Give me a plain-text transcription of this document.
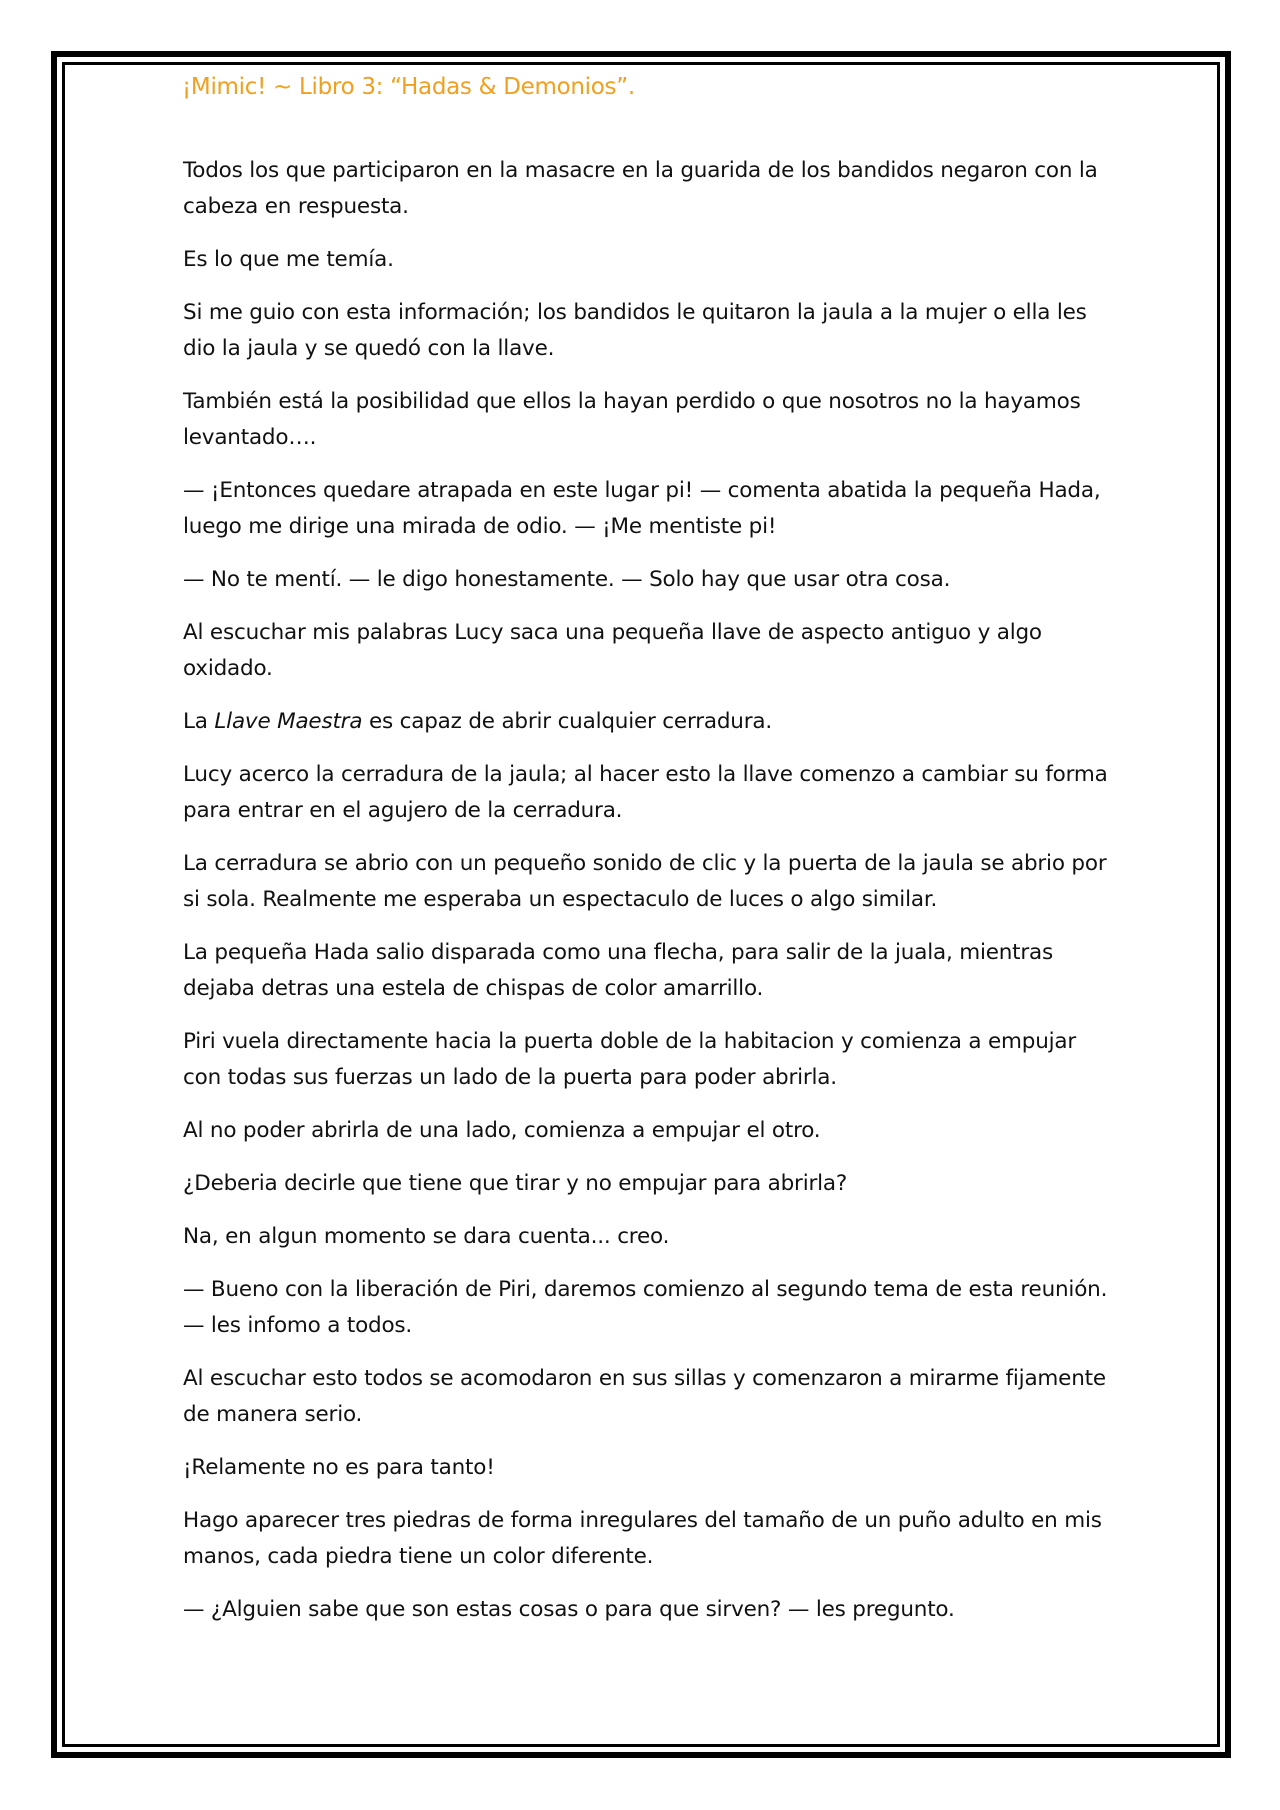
¡Mimic! ~ Libro 3: “Hadas & Demonios”.

Todos los que participaron en la masacre en la guarida de los bandidos negaron con la cabeza en respuesta.

Es lo que me temía.

Si me guio con esta información; los bandidos le quitaron la jaula a la mujer o ella les dio la jaula y se quedó con la llave.

También está la posibilidad que ellos la hayan perdido o que nosotros no la hayamos levantado….

— ¡Entonces quedare atrapada en este lugar pi! — comenta abatida la pequeña Hada, luego me dirige una mirada de odio. — ¡Me mentiste pi!

— No te mentí. — le digo honestamente. — Solo hay que usar otra cosa.

Al escuchar mis palabras Lucy saca una pequeña llave de aspecto antiguo y algo oxidado.

La Llave Maestra es capaz de abrir cualquier cerradura.

Lucy acerco la cerradura de la jaula; al hacer esto la llave comenzo a cambiar su forma para entrar en el agujero de la cerradura.

La cerradura se abrio con un pequeño sonido de clic y la puerta de la jaula se abrio por si sola. Realmente me esperaba un espectaculo de luces o algo similar.

La pequeña Hada salio disparada como una flecha, para salir de la juala, mientras dejaba detras una estela de chispas de color amarrillo.

Piri vuela directamente hacia la puerta doble de la habitacion y comienza a empujar con todas sus fuerzas un lado de la puerta para poder abrirla.

Al no poder abrirla de una lado, comienza a empujar el otro.

¿Deberia decirle que tiene que tirar y no empujar para abrirla?

Na, en algun momento se dara cuenta... creo.

— Bueno con la liberación de Piri, daremos comienzo al segundo tema de esta reunión. — les infomo a todos.

Al escuchar esto todos se acomodaron en sus sillas y comenzaron a mirarme fijamente de manera serio.

¡Relamente no es para tanto!

Hago aparecer tres piedras de forma inregulares del tamaño de un puño adulto en mis manos, cada piedra tiene un color diferente.

— ¿Alguien sabe que son estas cosas o para que sirven? — les pregunto.
